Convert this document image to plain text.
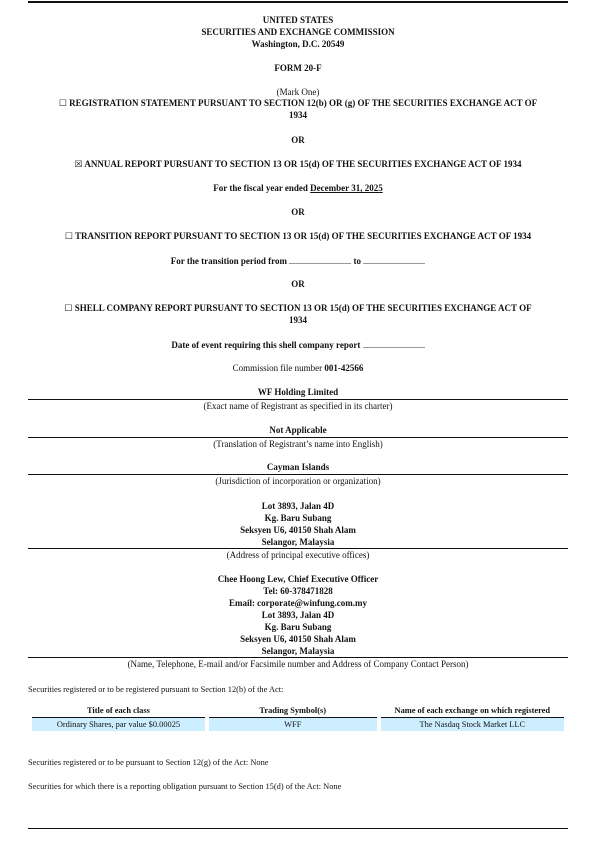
UNITED STATES
SECURITIES AND EXCHANGE COMMISSION
Washington, D.C. 20549
FORM 20-F
(Mark One)
☐ REGISTRATION STATEMENT PURSUANT TO SECTION 12(b) OR (g) OF THE SECURITIES EXCHANGE ACT OF
1934
OR
☒ ANNUAL REPORT PURSUANT TO SECTION 13 OR 15(d) OF THE SECURITIES EXCHANGE ACT OF 1934
For the fiscal year ended December 31, 2025
OR
☐ TRANSITION REPORT PURSUANT TO SECTION 13 OR 15(d) OF THE SECURITIES EXCHANGE ACT OF 1934
For the transition period from	to
OR
☐ SHELL COMPANY REPORT PURSUANT TO SECTION 13 OR 15(d) OF THE SECURITIES EXCHANGE ACT OF
1934
Date of event requiring this shell company report
Commission file number 001-42566
WF Holding Limited
(Exact name of Registrant as specified in its charter)
Not Applicable
(Translation of Registrant’s name into English)
Cayman Islands
(Jurisdiction of incorporation or organization)
Lot 3893, Jalan 4D
Kg. Baru Subang
Seksyen U6, 40150 Shah Alam
Selangor, Malaysia
(Address of principal executive offices)
Chee Hoong Lew, Chief Executive Officer
Tel: 60-378471828
Email: corporate@winfung.com.my
Lot 3893, Jalan 4D
Kg. Baru Subang
Seksyen U6, 40150 Shah Alam
Selangor, Malaysia
(Name, Telephone, E-mail and/or Facsimile number and Address of Company Contact Person)
Securities registered or to be registered pursuant to Section 12(b) of the Act:
Title of each class	Trading Symbol(s)	Name of each exchange on which registered
Ordinary Shares, par value $0.00025	WFF	The Nasdaq Stock Market LLC
Securities registered or to be pursuant to Section 12(g) of the Act: None
Securities for which there is a reporting obligation pursuant to Section 15(d) of the Act: None
